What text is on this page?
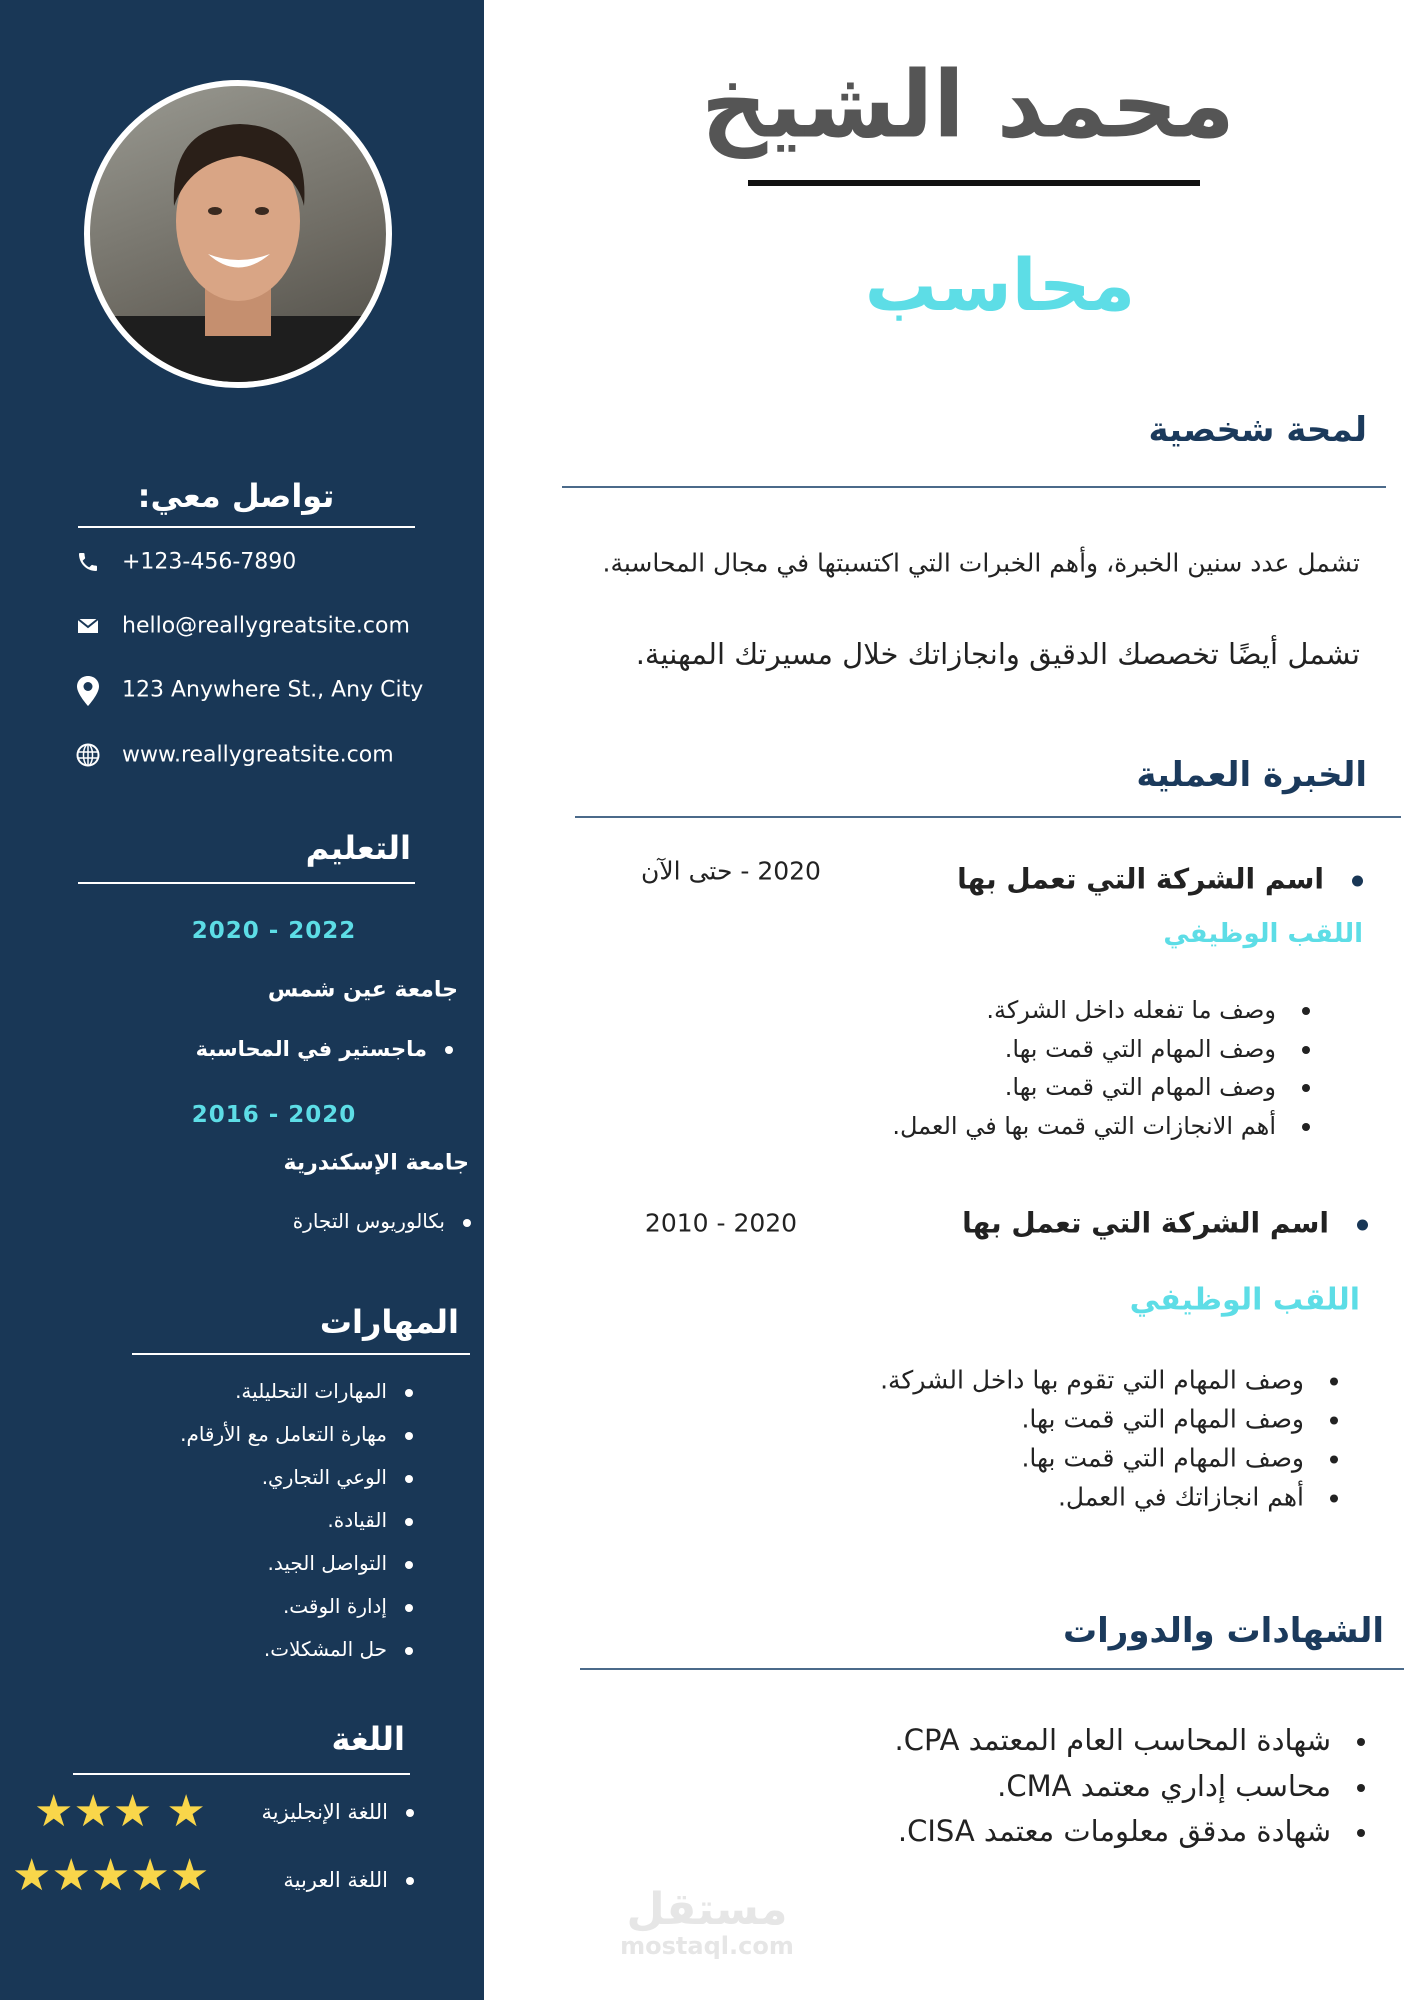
تواصل معي:
+123-456-7890
hello@reallygreatsite.com
123 Anywhere St., Any City
www.reallygreatsite.com
التعليم
2020 - 2022
جامعة عين شمس
ماجستير في المحاسبة
2016 - 2020
جامعة الإسكندرية
بكالوريوس التجارة
المهارات
المهارات التحليلية.
مهارة التعامل مع الأرقام.
الوعي التجاري.
القيادة.
التواصل الجيد.
إدارة الوقت.
حل المشكلات.
اللغة
اللغة الإنجليزية
★★★ ★
اللغة العربية
★★★★★
محمد الشيخ
محاسب
لمحة شخصية
تشمل عدد سنين الخبرة، وأهم الخبرات التي اكتسبتها في مجال المحاسبة.
تشمل أيضًا تخصصك الدقيق وانجازاتك خلال مسيرتك المهنية.
الخبرة العملية
اسم الشركة التي تعمل بها
2020 - حتى الآن
اللقب الوظيفي
وصف ما تفعله داخل الشركة.
وصف المهام التي قمت بها.
وصف المهام التي قمت بها.
أهم الانجازات التي قمت بها في العمل.
اسم الشركة التي تعمل بها
2010 - 2020
اللقب الوظيفي
وصف المهام التي تقوم بها داخل الشركة.
وصف المهام التي قمت بها.
وصف المهام التي قمت بها.
أهم انجازاتك في العمل.
الشهادات والدورات
شهادة المحاسب العام المعتمد CPA.
محاسب إداري معتمد CMA.
شهادة مدقق معلومات معتمد CISA.
مستقل
mostaql.com
